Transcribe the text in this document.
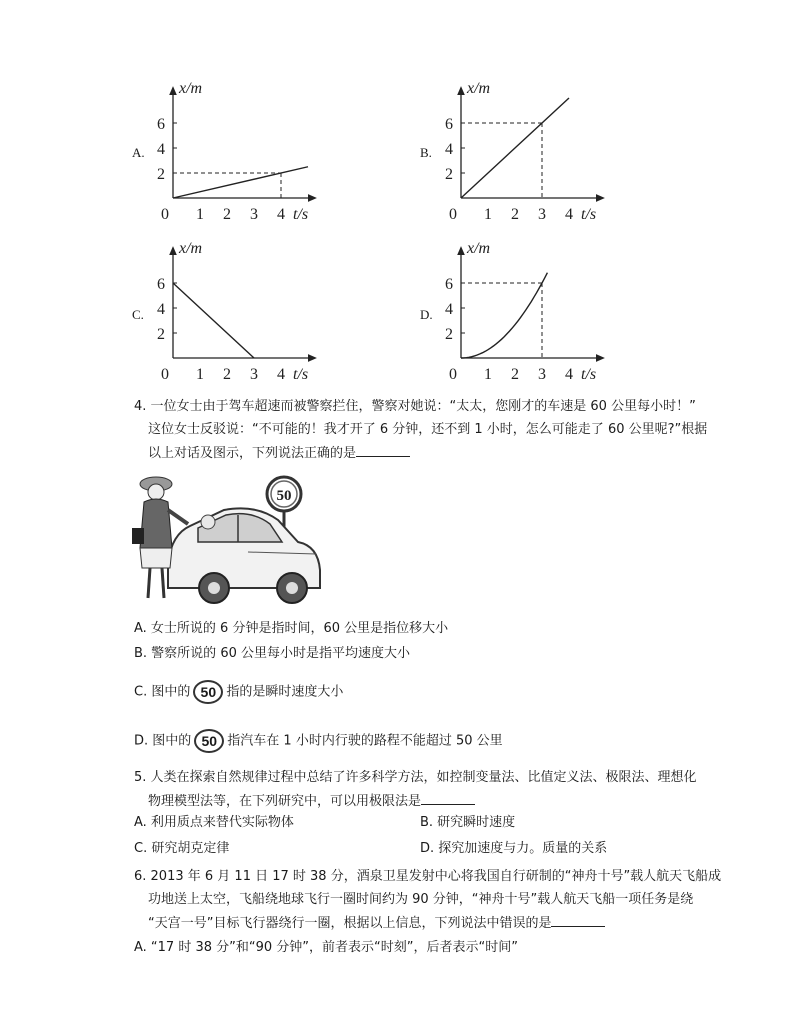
A.	B.
C.	D.
x/m
t/s
0 1 2 3 4
2
4
6
x/m
t/s
0 1 2 3 4
2
4
6
x/m
t/s
0 1 2 3 4
2
4
6
x/m
t/s
0 1 2 3 4
2
4
6
4. 一位女士由于驾车超速而被警察拦住，警察对她说：“太太，您刚才的车速是 60 公里每小时！”
这位女士反驳说：“不可能的！我才开了 6 分钟，还不到 1 小时，怎么可能走了 60 公里呢?”根据
以上对话及图示，下列说法正确的是
50
A. 女士所说的 6 分钟是指时间，60 公里是指位移大小
B. 警察所说的 60 公里每小时是指平均速度大小
C. 图中的 50 指的是瞬时速度大小
D. 图中的 50 指汽车在 1 小时内行驶的路程不能超过 50 公里
5. 人类在探索自然规律过程中总结了许多科学方法，如控制变量法、比值定义法、极限法、理想化
物理模型法等，在下列研究中，可以用极限法是
A. 利用质点来替代实际物体	B. 研究瞬时速度
C. 研究胡克定律	D. 探究加速度与力。质量的关系
6. 2013 年 6 月 11 日 17 时 38 分，酒泉卫星发射中心将我国自行研制的“神舟十号”载人航天飞船成
功地送上太空，飞船绕地球飞行一圈时间约为 90 分钟，“神舟十号”载人航天飞船一项任务是绕
“天宫一号”目标飞行器绕行一圈，根据以上信息，下列说法中错误的是
A. “17 时 38 分”和“90 分钟”，前者表示“时刻”，后者表示“时间”
